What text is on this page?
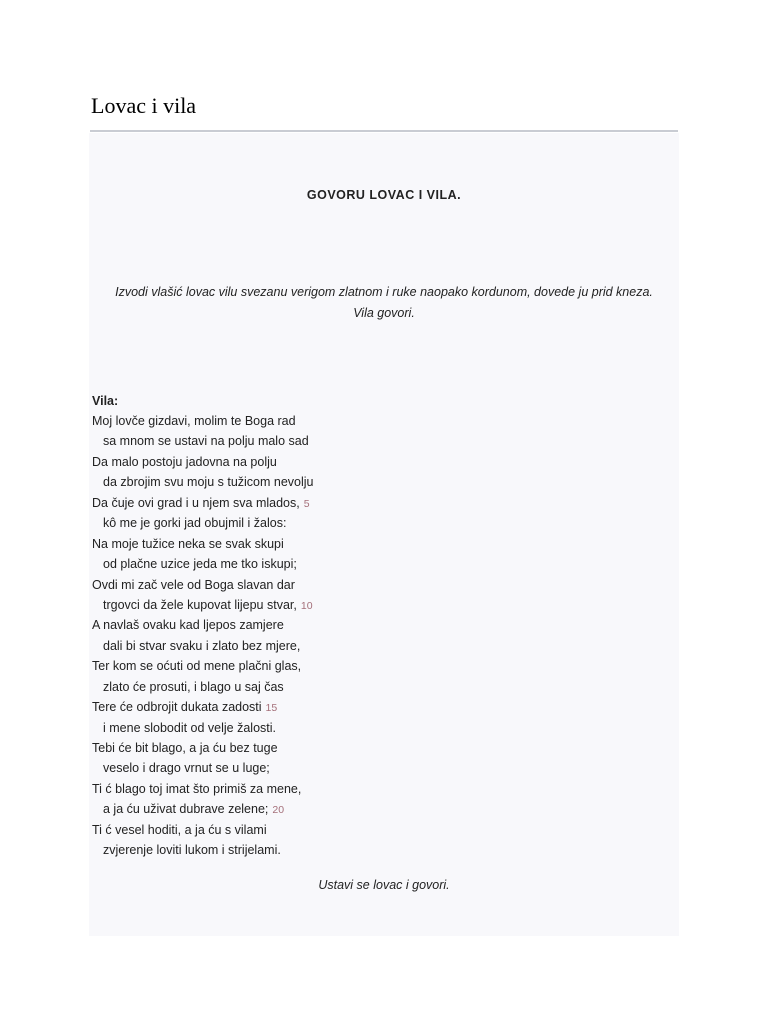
Lovac i vila
GOVORU LOVAC I VILA.
Izvodi vlašić lovac vilu svezanu verigom zlatnom i ruke naopako kordunom, dovede ju prid kneza.
Vila govori.
Vila:
Moj lovče gizdavi, molim te Boga rad
sa mnom se ustavi na polju malo sad
Da malo postoju jadovna na polju
da zbrojim svu moju s tužicom nevolju
Da čuje ovi grad i u njem sva mlados, 5
kô me je gorki jad obujmil i žalos:
Na moje tužice neka se svak skupi
od plačne uzice jeda me tko iskupi;
Ovdi mi zač vele od Boga slavan dar
trgovci da žele kupovat lijepu stvar, 10
A navlaš ovaku kad ljepos zamjere
dali bi stvar svaku i zlato bez mjere,
Ter kom se oćuti od mene plačni glas,
zlato će prosuti, i blago u saj čas
Tere će odbrojit dukata zadosti 15
i mene slobodit od velje žalosti.
Tebi će bit blago, a ja ću bez tuge
veselo i drago vrnut se u luge;
Ti ć blago toj imat što primiš za mene,
a ja ću uživat dubrave zelene; 20
Ti ć vesel hoditi, a ja ću s vilami
zvjerenje loviti lukom i strijelami.
Ustavi se lovac i govori.
